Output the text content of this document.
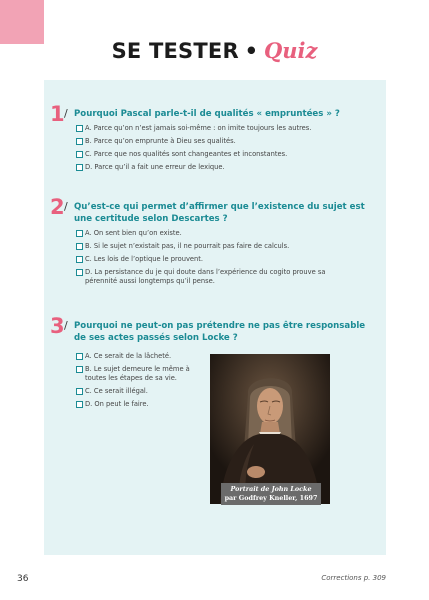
SE TESTER • Quiz
1 / Pourquoi Pascal parle-t-il de qualités « empruntées » ?
A. Parce qu’on n’est jamais soi-même : on imite toujours les autres.
B. Parce qu’on emprunte à Dieu ses qualités.
C. Parce que nos qualités sont changeantes et inconstantes.
D. Parce qu’il a fait une erreur de lexique.
2 / Qu’est-ce qui permet d’affirmer que l’existence du sujet est une certitude selon Descartes ?
A. On sent bien qu’on existe.
B. Si le sujet n’existait pas, il ne pourrait pas faire de calculs.
C. Les lois de l’optique le prouvent.
D. La persistance du je qui doute dans l’expérience du cogito prouve sa pérennité aussi longtemps qu’il pense.
3 / Pourquoi ne peut-on pas prétendre ne pas être responsable de ses actes passés selon Locke ?
A. Ce serait de la lâcheté.
B. Le sujet demeure le même à toutes les étapes de sa vie.
C. Ce serait illégal.
D. On peut le faire.
Portrait de John Locke
par Godfrey Kneller, 1697
36	Corrections p. 309
